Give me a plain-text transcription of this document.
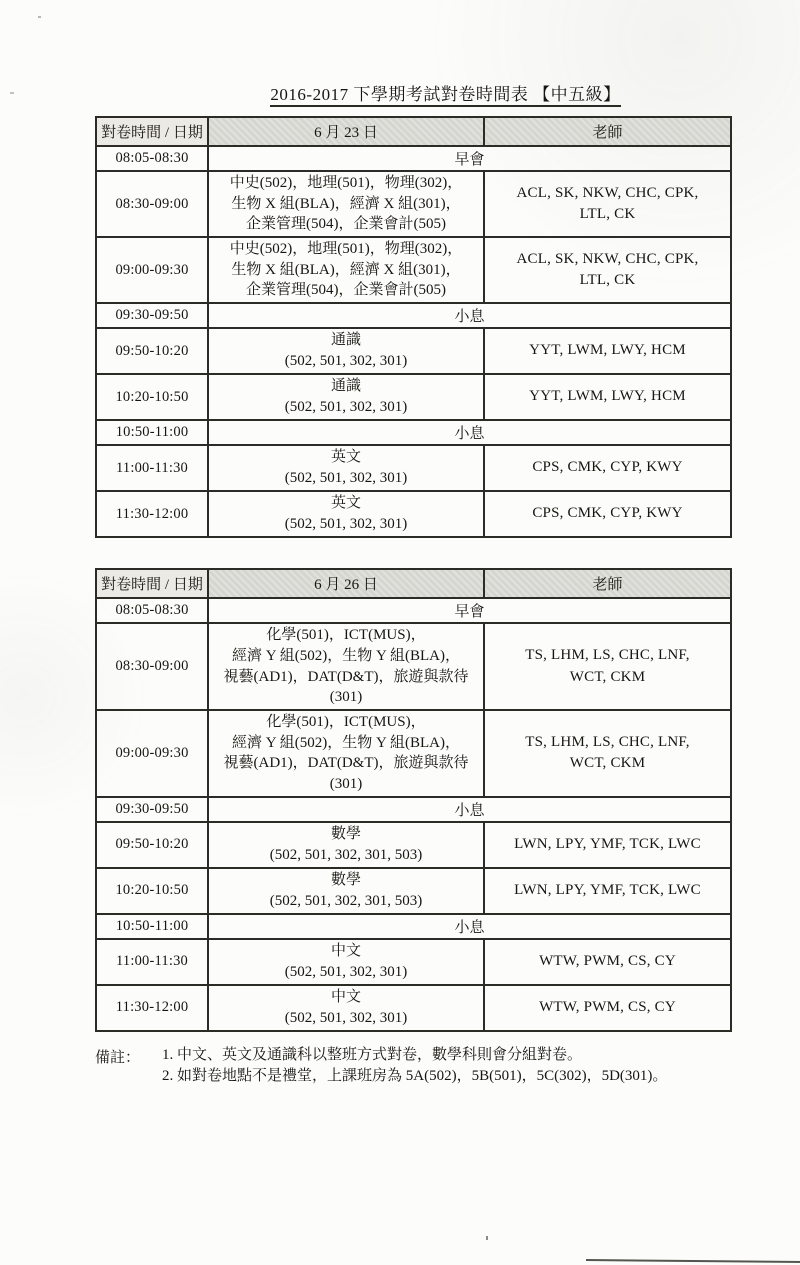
2016-2017 下學期考試對卷時間表 【中五級】
對卷時間 / 日期	6 月 23 日	老師
08:05-08:30	早會	
08:30-09:00	中史(502)，地理(501)，物理(302)，
生物 X 組(BLA)，經濟 X 組(301)，
企業管理(504)，企業會計(505)	ACL, SK, NKW, CHC, CPK,
LTL, CK
09:00-09:30	中史(502)，地理(501)，物理(302)，
生物 X 組(BLA)，經濟 X 組(301)，
企業管理(504)，企業會計(505)	ACL, SK, NKW, CHC, CPK,
LTL, CK
09:30-09:50	小息	
09:50-10:20	通識
(502, 501, 302, 301)	YYT, LWM, LWY, HCM
10:20-10:50	通識
(502, 501, 302, 301)	YYT, LWM, LWY, HCM
10:50-11:00	小息	
11:00-11:30	英文
(502, 501, 302, 301)	CPS, CMK, CYP, KWY
11:30-12:00	英文
(502, 501, 302, 301)	CPS, CMK, CYP, KWY
對卷時間 / 日期	6 月 26 日	老師
08:05-08:30	早會	
08:30-09:00	化學(501)，ICT(MUS)，
經濟 Y 組(502)，生物 Y 組(BLA)，
視藝(AD1)，DAT(D&T)，旅遊與款待(301)	TS, LHM, LS, CHC, LNF,
WCT, CKM
09:00-09:30	化學(501)，ICT(MUS)，
經濟 Y 組(502)，生物 Y 組(BLA)，
視藝(AD1)，DAT(D&T)，旅遊與款待(301)	TS, LHM, LS, CHC, LNF,
WCT, CKM
09:30-09:50	小息	
09:50-10:20	數學
(502, 501, 302, 301, 503)	LWN, LPY, YMF, TCK, LWC
10:20-10:50	數學
(502, 501, 302, 301, 503)	LWN, LPY, YMF, TCK, LWC
10:50-11:00	小息	
11:00-11:30	中文
(502, 501, 302, 301)	WTW, PWM, CS, CY
11:30-12:00	中文
(502, 501, 302, 301)	WTW, PWM, CS, CY
備註： 1. 中文、英文及通識科以整班方式對卷，數學科則會分組對卷。
2. 如對卷地點不是禮堂，上課班房為 5A(502)，5B(501)，5C(302)，5D(301)。
